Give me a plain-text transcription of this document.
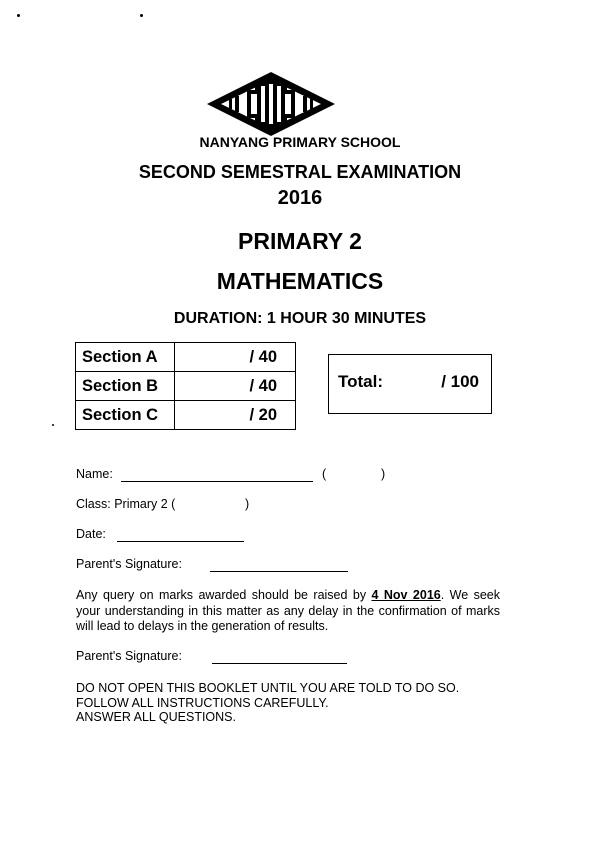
NANYANG PRIMARY SCHOOL
SECOND SEMESTRAL EXAMINATION
2016
PRIMARY 2
MATHEMATICS
DURATION: 1 HOUR 30 MINUTES
Section A	/ 40
Section B	/ 40
Section C	/ 20
Total:	/ 100
Name:	(	)
Class: Primary 2 (	)
Date:
Parent's Signature:
Any query on marks awarded should be raised by 4 Nov 2016. We seek your understanding in this matter as any delay in the confirmation of marks will lead to delays in the generation of results.
Parent's Signature:
DO NOT OPEN THIS BOOKLET UNTIL YOU ARE TOLD TO DO SO.
FOLLOW ALL INSTRUCTIONS CAREFULLY.
ANSWER ALL QUESTIONS.
